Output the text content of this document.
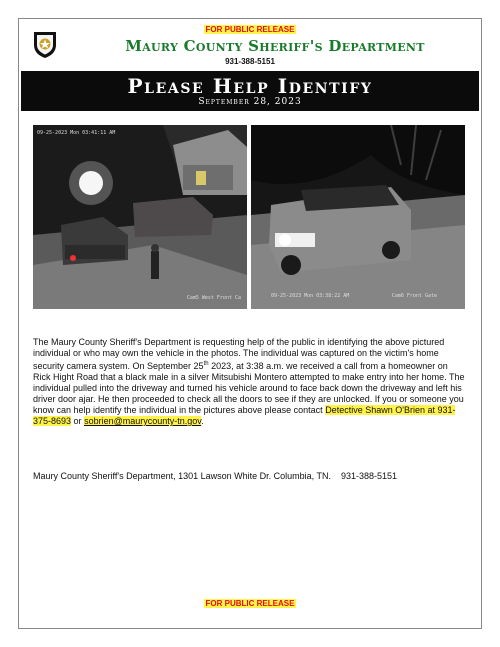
FOR PUBLIC RELEASE
Maury County Sheriff's Department
931-388-5151
Please Help Identify
September 28, 2023
09-25-2023 Mon 03:41:11 AM
Cam5 West Front Ca	09-25-2023 Mon 03:38:22 AM	Cam6 Front Gate
The Maury County Sheriff's Department is requesting help of the public in identifying the above pictured individual or who may own the vehicle in the photos. The individual was captured on the victim's home security camera system. On September 25th 2023, at 3:38 a.m. we received a call from a homeowner on Rick Hight Road that a black male in a silver Mitsubishi Montero attempted to make entry into her home. The individual pulled into the driveway and turned his vehicle around to face back down the driveway and left his driver door ajar. He then proceeded to check all the doors to see if they are unlocked. If you or someone you know can help identify the individual in the pictures above please contact Detective Shawn O'Brien at 931-375-8693 or sobrien@maurycounty-tn.gov.
Maury County Sheriff's Department, 1301 Lawson White Dr. Columbia, TN.    931-388-5151
FOR PUBLIC RELEASE
